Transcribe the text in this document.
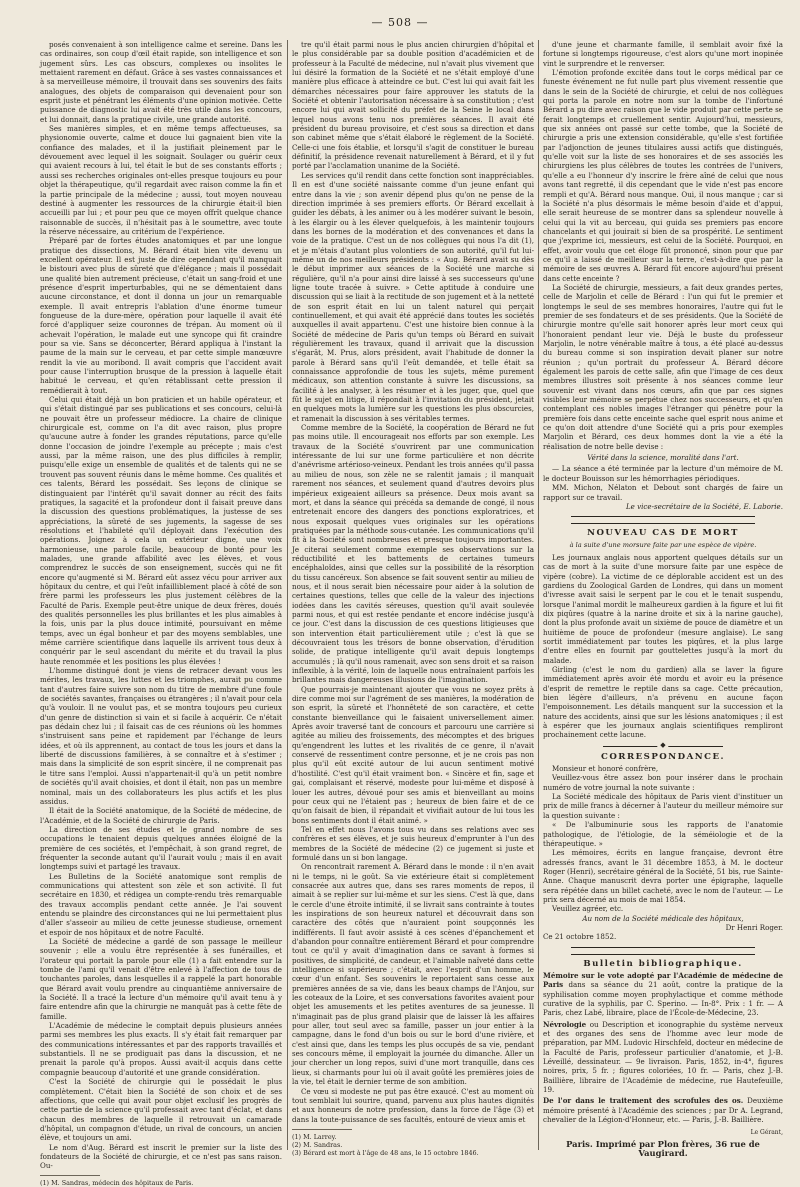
— 508 —

posés convenaient à son intelligence calme et sereine. Dans les cas ordinaires, son coup d'œil était rapide, son intelligence et son jugement sûrs. Les cas obscurs, complexes ou insolites le mettaient rarement en défaut. Grâce à ses vastes connaissances et à sa merveilleuse mémoire, il trouvait dans ses souvenirs des faits analogues, des objets de comparaison qui devenaient pour son esprit juste et pénétrant les éléments d'une opinion motivée. Cette puissance de diagnostic lui avait été très utile dans les concours, et lui donnait, dans la pratique civile, une grande autorité.

Ses manières simples, et en même temps affectueuses, sa physionomie ouverte, calme et douce lui gagnaient bien vite la confiance des malades, et il la justifiait pleinement par le dévouement avec lequel il les soignait. Soulager ou guérir ceux qui avaient recours à lui, tel était le but de ses constants efforts ; aussi ses recherches originales ont-elles presque toujours eu pour objet la thérapeutique, qu'il regardait avec raison comme la fin et la partie principale de la médecine ; aussi, tout moyen nouveau destiné à augmenter les ressources de la chirurgie était-il bien accueilli par lui ; et pour peu que ce moyen offrît quelque chance raisonnable de succès, il n'hésitait pas à le soumettre, avec toute la réserve nécessaire, au critérium de l'expérience.

Préparé par de fortes études anatomiques et par une longue pratique des dissections, M. Bérard était bien vite devenu un excellent opérateur. Il est juste de dire cependant qu'il manquait le bistouri avec plus de sûreté que d'élégance ; mais il possédait une qualité bien autrement précieuse, c'était un sang-froid et une présence d'esprit imperturbables, qui ne se démentaient dans aucune circonstance, et dont il donna un jour un remarquable exemple. Il avait entrepris l'ablation d'une énorme tumeur fongueuse de la dure-mère, opération pour laquelle il avait été forcé d'appliquer seize couronnes de trépan. Au moment où il achevait l'opération, le malade eut une syncope qui fit craindre pour sa vie. Sans se déconcerter, Bérard appliqua à l'instant la paume de la main sur le cerveau, et par cette simple manœuvre rendit la vie au moribond. Il avait compris que l'accident avait pour cause l'interruption brusque de la pression à laquelle était habitué le cerveau, et qu'en rétablissant cette pression il remédierait à tout.

Celui qui était déjà un bon praticien et un habile opérateur, et qui s'était distingué par ses publications et ses concours, celui-là ne pouvait être un professeur médiocre. La chaire de clinique chirurgicale est, comme on l'a dit avec raison, plus propre qu'aucune autre à fonder les grandes réputations, parce qu'elle donne l'occasion de joindre l'exemple au précepte ; mais c'est aussi, par la même raison, une des plus difficiles à remplir, puisqu'elle exige un ensemble de qualités et de talents qui ne se trouvent pas souvent réunis dans le même homme. Ces qualités et ces talents, Bérard les possédait. Ses leçons de clinique se distinguaient par l'intérêt qu'il savait donner au récit des faits pratiques, la sagacité et la profondeur dont il faisait preuve dans la discussion des questions problématiques, la justesse de ses appréciations, la sûreté de ses jugements, la sagesse de ses résolutions et l'habileté qu'il déployait dans l'exécution des opérations. Joignez à cela un extérieur digne, une voix harmonieuse, une parole facile, beaucoup de bonté pour les malades, une grande affabilité avec les élèves, et vous comprendrez le succès de son enseignement, succès qui ne fit encore qu'augmenté si M. Bérard eût assez vécu pour arriver aux hôpitaux du centre, et qui l'eût infailliblement placé à côté de son frère parmi les professeurs les plus justement célèbres de la Faculté de Paris. Exemple peut-être unique de deux frères, doués des qualités personnelles les plus brillantes et les plus aimables à la fois, unis par la plus douce intimité, poursuivant en même temps, avec un égal bonheur et par des moyens semblables, une même carrière scientifique dans laquelle ils arrivent tous deux à conquérir par le seul ascendant du mérite et du travail la plus haute renommée et les positions les plus élevées !

L'homme distingué dont je viens de retracer devant vous les mérites, les travaux, les luttes et les triomphes, aurait pu comme tant d'autres faire suivre son nom du titre de membre d'une foule de sociétés savantes, françaises ou étrangères ; il n'avait pour cela qu'à vouloir. Il ne voulut pas, et se montra toujours peu curieux d'un genre de distinction si vain et si facile à acquérir. Ce n'était pas dédain chez lui ; il faisait cas de ces réunions où les hommes s'instruisent sans peine et rapidement par l'échange de leurs idées, et où ils apprennent, au contact de tous les jours et dans la liberté de discussions familières, à se connaître et à s'estimer ; mais dans la simplicité de son esprit sincère, il ne comprenait pas le titre sans l'emploi. Aussi n'appartenait-il qu'à un petit nombre de sociétés qu'il avait choisies, et dont il était, non pas un membre nominal, mais un des collaborateurs les plus actifs et les plus assidus.

Il était de la Société anatomique, de la Société de médecine, de l'Académie, et de la Société de chirurgie de Paris.

La direction de ses études et le grand nombre de ses occupations le tenaient depuis quelques années éloigné de la première de ces sociétés, et l'empêchait, à son grand regret, de fréquenter la seconde autant qu'il l'aurait voulu ; mais il en avait longtemps suivi et partagé les travaux.

Les Bulletins de la Société anatomique sont remplis de communications qui attestent son zèle et son activité. Il fut secrétaire en 1830, et rédigea un compte-rendu très remarquable des travaux accomplis pendant cette année. Je l'ai souvent entendu se plaindre des circonstances qui ne lui permettaient plus d'aller s'asseoir au milieu de cette jeunesse studieuse, ornement et espoir de nos hôpitaux et de notre Faculté.

La Société de médecine a gardé de son passage le meilleur souvenir ; elle a voulu être représentée à ses funérailles, et l'orateur qui portait la parole pour elle (1) a fait entendre sur la tombe de l'ami qu'il venait d'être enlevé à l'affection de tous de touchantes paroles, dans lesquelles il a rappelé la part honorable que Bérard avait voulu prendre au cinquantième anniversaire de la Société. Il a tracé la lecture d'un mémoire qu'il avait tenu à y faire entendre afin que la chirurgie ne manquât pas à cette fête de famille.

L'Académie de médecine le comptait depuis plusieurs années parmi ses membres les plus exacts. Il s'y était fait remarquer par des communications intéressantes et par des rapports travaillés et substantiels. Il ne se prodiguait pas dans la discussion, et ne prenait la parole qu'à propos. Aussi avait-il acquis dans cette compagnie beaucoup d'autorité et une grande considération.

C'est la Société de chirurgie qui le possédait le plus complètement. C'était bien la Société de son choix et de ses affections, que celle qui avait pour objet exclusif les progrès de cette partie de la science qu'il professait avec tant d'éclat, et dans chacun des membres de laquelle il retrouvait un camarade d'hôpital, un compagnon d'étude, un rival de concours, un ancien élève, et toujours un ami.

Le nom d'Aug. Bérard est inscrit le premier sur la liste des fondateurs de la Société de chirurgie, et ce n'est pas sans raison. Ou-

(1) M. Sandras, médecin des hôpitaux de Paris.

tre qu'il était parmi nous le plus ancien chirurgien d'hôpital et le plus considérable par sa double position d'académicien et de professeur à la Faculté de médecine, nul n'avait plus vivement que lui désiré la formation de la Société et ne s'était employé d'une manière plus efficace à atteindre ce but. C'est lui qui avait fait les démarches nécessaires pour faire approuver les statuts de la Société et obtenir l'autorisation nécessaire à sa constitution ; c'est encore lui qui avait sollicité du préfet de la Seine le local dans lequel nous avons tenu nos premières séances. Il avait été président du bureau provisoire, et c'est sous sa direction et dans son cabinet même que s'était élaboré le règlement de la Société. Celle-ci une fois établie, et lorsqu'il s'agit de constituer le bureau définitif, la présidence revenait naturellement à Bérard, et il y fut porté par l'acclamation unanime de la Société.

Les services qu'il rendit dans cette fonction sont inappréciables. Il en est d'une société naissante comme d'un jeune enfant qui entre dans la vie ; son avenir dépend plus qu'on ne pense de la direction imprimée à ses premiers efforts. Or Bérard excellait à guider les débats, à les animer ou à les modérer suivant le besoin, à les élargir ou à les élever quelquefois, à les maintenir toujours dans les bornes de la modération et des convenances et dans la voie de la pratique. C'est un de nos collègues qui nous l'a dit (1), et je m'étais d'autant plus volontiers de son autorité, qu'il fut lui-même un de nos meilleurs présidents : « Aug. Bérard avait su dès le début imprimer aux séances de la Société une marche si régulière, qu'il n'a pour ainsi dire laissé à ses successeurs qu'une ligne toute tracée à suivre. » Cette aptitude à conduire une discussion qui se liait à la rectitude de son jugement et à la netteté de son esprit était en lui un talent naturel qui perçait continuellement, et qui avait été apprécié dans toutes les sociétés auxquelles il avait appartenu. C'est une histoire bien connue à la Société de médecine de Paris qu'un temps où Bérard en suivait régulièrement les travaux, quand il arrivait que la discussion s'égarât, M. Prus, alors président, avait l'habitude de donner la parole à Bérard sans qu'il l'eût demandée, et telle était sa connaissance approfondie de tous les sujets, même purement médicaux, son attention constante à suivre les discussions, sa facilité à les analyser, à les résumer et à les juger, que, quel que fût le sujet en litige, il répondait à l'invitation du président, jetait en quelques mots la lumière sur les questions les plus obscurcies, et ramenait la discussion à ses véritables termes.

Comme membre de la Société, la coopération de Bérard ne fut pas moins utile. Il encourageait nos efforts par son exemple. Les travaux de la Société s'ouvrirent par une communication intéressante de lui sur une forme particulière et non décrite d'anévrisme artérioso-veineux. Pendant les trois années qu'il passa au milieu de nous, son zèle ne se ralentit jamais ; il manquait rarement nos séances, et seulement quand d'autres devoirs plus impérieux exigeaient ailleurs sa présence. Deux mois avant sa mort, et dans la séance qui précéda sa demande de congé, il nous entretenait encore des dangers des ponctions exploratrices, et nous exposait quelques vues originales sur les opérations pratiquées par la méthode sous-cutanée. Les communications qu'il fit à la Société sont nombreuses et presque toujours importantes. Je citerai seulement comme exemple ses observations sur la réductibilité et les battements de certaines tumeurs encéphaloïdes, ainsi que celles sur la possibilité de la résorption du tissu cancéreux. Son absence se fait souvent sentir au milieu de nous, et il nous serait bien nécessaire pour aider à la solution de certaines questions, telles que celle de la valeur des injections iodées dans les cavités séreuses, question qu'il avait soulevée parmi nous, et qui est restée pendante et encore indécise jusqu'à ce jour. C'est dans la discussion de ces questions litigieuses que son intervention était particulièrement utile ; c'est là que se découvraient tous les trésors de bonne observation, d'érudition solide, de pratique intelligente qu'il avait depuis longtemps accumulés ; là qu'il nous ramenait, avec son sens droit et sa raison inflexible, à la vérité, loin de laquelle nous entraînaient parfois les brillantes mais dangereuses illusions de l'imagination.

Que pourrais-je maintenant ajouter que vous ne soyez prêts à dire comme moi sur l'agrément de ses manières, la modération de son esprit, la sûreté et l'honnêteté de son caractère, et cette constante bienveillance qui le faisaient universellement aimer. Après avoir traversé tant de concours et parcouru une carrière si agitée au milieu des froissements, des mécomptes et des brigues qu'engendrent les luttes et les rivalités de ce genre, il n'avait conservé de ressentiment contre personne, et je ne crois pas non plus qu'il eût excité autour de lui aucun sentiment motivé d'hostilité. C'est qu'il était vraiment bon. « Sincère et fin, sage et gai, complaisant et réservé, modeste pour lui-même et disposé à louer les autres, dévoué pour ses amis et bienveillant au moins pour ceux qui ne l'étaient pas ; heureux de bien faire et de ce qu'on faisait de bien, il répandait et vivifiait autour de lui tous les bons sentiments dont il était animé. »

Tel en effet nous l'avons tous vu dans ses relations avec ses confrères et ses élèves, et je suis heureux d'emprunter à l'un des membres de la Société de médecine (2) ce jugement si juste et formulé dans un si bon langage.

On rencontrait rarement A. Bérard dans le monde : il n'en avait ni le temps, ni le goût. Sa vie extérieure était si complètement consacrée aux autres que, dans ses rares moments de repos, il aimait à se replier sur lui-même et sur les siens. C'est là que, dans le cercle d'une étroite intimité, il se livrait sans contrainte à toutes les inspirations de son heureux naturel et découvrait dans son caractère des côtés que n'auraient point soupçonnés les indifférents. Il faut avoir assisté à ces scènes d'épanchement et d'abandon pour connaître entièrement Bérard et pour comprendre tout ce qu'il y avait d'imagination dans ce savant à formes si positives, de simplicité, de candeur, et l'aimable naïveté dans cette intelligence si supérieure ; c'était, avec l'esprit d'un homme, le cœur d'un enfant. Ses souvenirs le reportaient sans cesse aux premières années de sa vie, dans les beaux champs de l'Anjou, sur les coteaux de la Loire, et ses conversations favorites avaient pour objet les amusements et les petites aventures de sa jeunesse. Il n'imaginait pas de plus grand plaisir que de laisser là les affaires pour aller, tout seul avec sa famille, passer un jour entier à la campagne, dans le fond d'un bois ou sur le bord d'une rivière, et c'est ainsi que, dans les temps les plus occupés de sa vie, pendant ses concours même, il employait la journée du dimanche. Aller un jour chercher un long repos, suivi d'une mort tranquille, dans ces lieux, si charmants pour lui où il avait goûté les premières joies de la vie, tel était le dernier terme de son ambition.

Ce vœu si modeste ne put pas être exaucé. C'est au moment où tout semblait lui sourire, quand, parvenu aux plus hautes dignités et aux honneurs de notre profession, dans la force de l'âge (3) et dans la toute-puissance de ses facultés, entouré de vieux amis et

(1) M. Larrey.
(2) M. Sandras.
(3) Bérard est mort à l'âge de 48 ans, le 15 octobre 1846.

d'une jeune et charmante famille, il semblait avoir fixé la fortune si longtemps rigoureuse, c'est alors qu'une mort inopinée vint le surprendre et le renverser.

L'émotion profonde excitée dans tout le corps médical par ce funeste événement ne fut nulle part plus vivement ressentie que dans le sein de la Société de chirurgie, et celui de nos collègues qui porta la parole en notre nom sur la tombe de l'infortuné Bérard a pu dire avec raison que le vide produit par cette perte se ferait longtemps et cruellement sentir. Aujourd'hui, messieurs, que six années ont passé sur cette tombe, que la Société de chirurgie a pris une extension considérable, qu'elle s'est fortifiée par l'adjonction de jeunes titulaires aussi actifs que distingués, qu'elle voit sur la liste de ses honoraires et de ses associés les chirurgiens les plus célèbres de toutes les contrées de l'univers, qu'elle a eu l'honneur d'y inscrire le frère aîné de celui que nous avons tant regretté, il dis cependant que le vide n'est pas encore rempli et qu'A. Bérard nous manque. Oui, il nous manque ; car si la Société n'a plus désormais le même besoin d'aide et d'appui, elle serait heureuse de se montrer dans sa splendeur nouvelle à celui qui la vit au berceau, qui guida ses premiers pas encore chancelants et qui jouirait si bien de sa prospérité. Le sentiment que j'exprime ici, messieurs, est celui de la Société. Pourquoi, en effet, avoir voulu que cet éloge fût prononcé, sinon pour que par ce qu'il a laissé de meilleur sur la terre, c'est-à-dire que par la mémoire de ses œuvres A. Bérard fût encore aujourd'hui présent dans cette enceinte ?

La Société de chirurgie, messieurs, a fait deux grandes pertes, celle de Marjolin et celle de Bérard : l'un qui fut le premier et longtemps le seul de ses membres honoraires, l'autre qui fut le premier de ses fondateurs et de ses présidents. Que la Société de chirurgie montre qu'elle sait honorer après leur mort ceux qui l'honoraient pendant leur vie. Déjà le buste du professeur Marjolin, le notre vénérable maître à tous, a été placé au-dessus du bureau comme si son inspiration devait planer sur notre réunion ; qu'un portrait du professeur A. Bérard décore également les parois de cette salle, afin que l'image de ces deux membres illustres soit présente à nos séances comme leur souvenir est vivant dans nos cœurs, afin que par ces signes visibles leur mémoire se perpétue chez nos successeurs, et qu'en contemplant ces nobles images l'étranger qui pénètre pour la première fois dans cette enceinte sache quel esprit nous anime et ce qu'on doit attendre d'une Société qui a pris pour exemples Marjolin et Bérard, ces deux hommes dont la vie a été la réalisation de notre belle devise :

Vérité dans la science, moralité dans l'art.

— La séance a été terminée par la lecture d'un mémoire de M. le docteur Bouisson sur les hémorrhagies périodiques.

MM. Michon, Nélaton et Debout sont chargés de faire un rapport sur ce travail.

Le vice-secrétaire de la Société, E. Laborie.

NOUVEAU CAS DE MORT
à la suite d'une morsure faite par une espèce de vipère.

Les journaux anglais nous apportent quelques détails sur un cas de mort à la suite d'une morsure faite par une espèce de vipère (cobre). La victime de ce déplorable accident est un des gardiens du Zoological Garden de Londres, qui dans un moment d'ivresse avait saisi le serpent par le cou et le tenait suspendu, lorsque l'animal mordit le malheureux gardien à la figure et lui fit dix piqûres (quatre à la narine droite et six à la narine gauche), dont la plus profonde avait un sixième de pouce de diamètre et un huitième de pouce de profondeur (mesure anglaise). Le sang sortit immédiatement par toutes les piqûres, et la plus large d'entre elles en fournit par gouttelettes jusqu'à la mort du malade.

Girling (c'est le nom du gardien) alla se laver la figure immédiatement après avoir été mordu et avoir eu la présence d'esprit de remettre le reptile dans sa cage. Cette précaution, bien légère d'ailleurs, n'a prévenu en aucune façon l'empoisonnement. Les détails manquent sur la succession et la nature des accidents, ainsi que sur les lésions anatomiques ; il est à espérer que les journaux anglais scientifiques rempliront prochainement cette lacune.

◆
CORRESPONDANCE.

Monsieur et honoré confrère,

Veuillez-vous être assez bon pour insérer dans le prochain numéro de votre journal la note suivante :

La Société médicale des hôpitaux de Paris vient d'instituer un prix de mille francs à décerner à l'auteur du meilleur mémoire sur la question suivante :

« De l'albuminurie sous les rapports de l'anatomie pathologique, de l'étiologie, de la séméiologie et de la thérapeutique. »

Les mémoires, écrits en langue française, devront être adressés francs, avant le 31 décembre 1853, à M. le docteur Roger (Henri), secrétaire général de la Société, 51 bis, rue Sainte-Anne. Chaque manuscrit devra porter une épigraphe, laquelle sera répétée dans un billet cacheté, avec le nom de l'auteur. — Le prix sera décerné au mois de mai 1854.

Veuillez agréer, etc.

Au nom de la Société médicale des hôpitaux,

Dr Henri Roger.

Ce 21 octobre 1852.

Bulletin bibliographique.

Mémoire sur le vote adopté par l'Académie de médecine de Paris dans sa séance du 21 août, contre la pratique de la syphilisation comme moyen prophylactique et comme méthode curative de la syphilis, par C. Sperino. — In-8°. Prix : 1 fr. — A Paris, chez Labé, libraire, place de l'École-de-Médecine, 23.

Névrologie ou Description et iconographie du système nerveux et des organes des sens de l'homme avec leur mode de préparation, par MM. Ludovic Hirschfeld, docteur en médecine de la Faculté de Paris, professeur particulier d'anatomie, et J.-B. Léveillé, dessinateur. — 9e livraison. Paris, 1852, in-4°, figures noires, prix, 5 fr. ; figures coloriées, 10 fr. — Paris, chez J.-B. Baillière, libraire de l'Académie de médecine, rue Hautefeuille, 19.

De l'or dans le traitement des scrofules des os. Deuxième mémoire présenté à l'Académie des sciences ; par Dr A. Legrand, chevalier de la Légion-d'Honneur, etc. — Paris, J.-B. Baillière.

Le Gérant,
Paris. Imprimé par Plon frères, 36 rue de Vaugirard.
